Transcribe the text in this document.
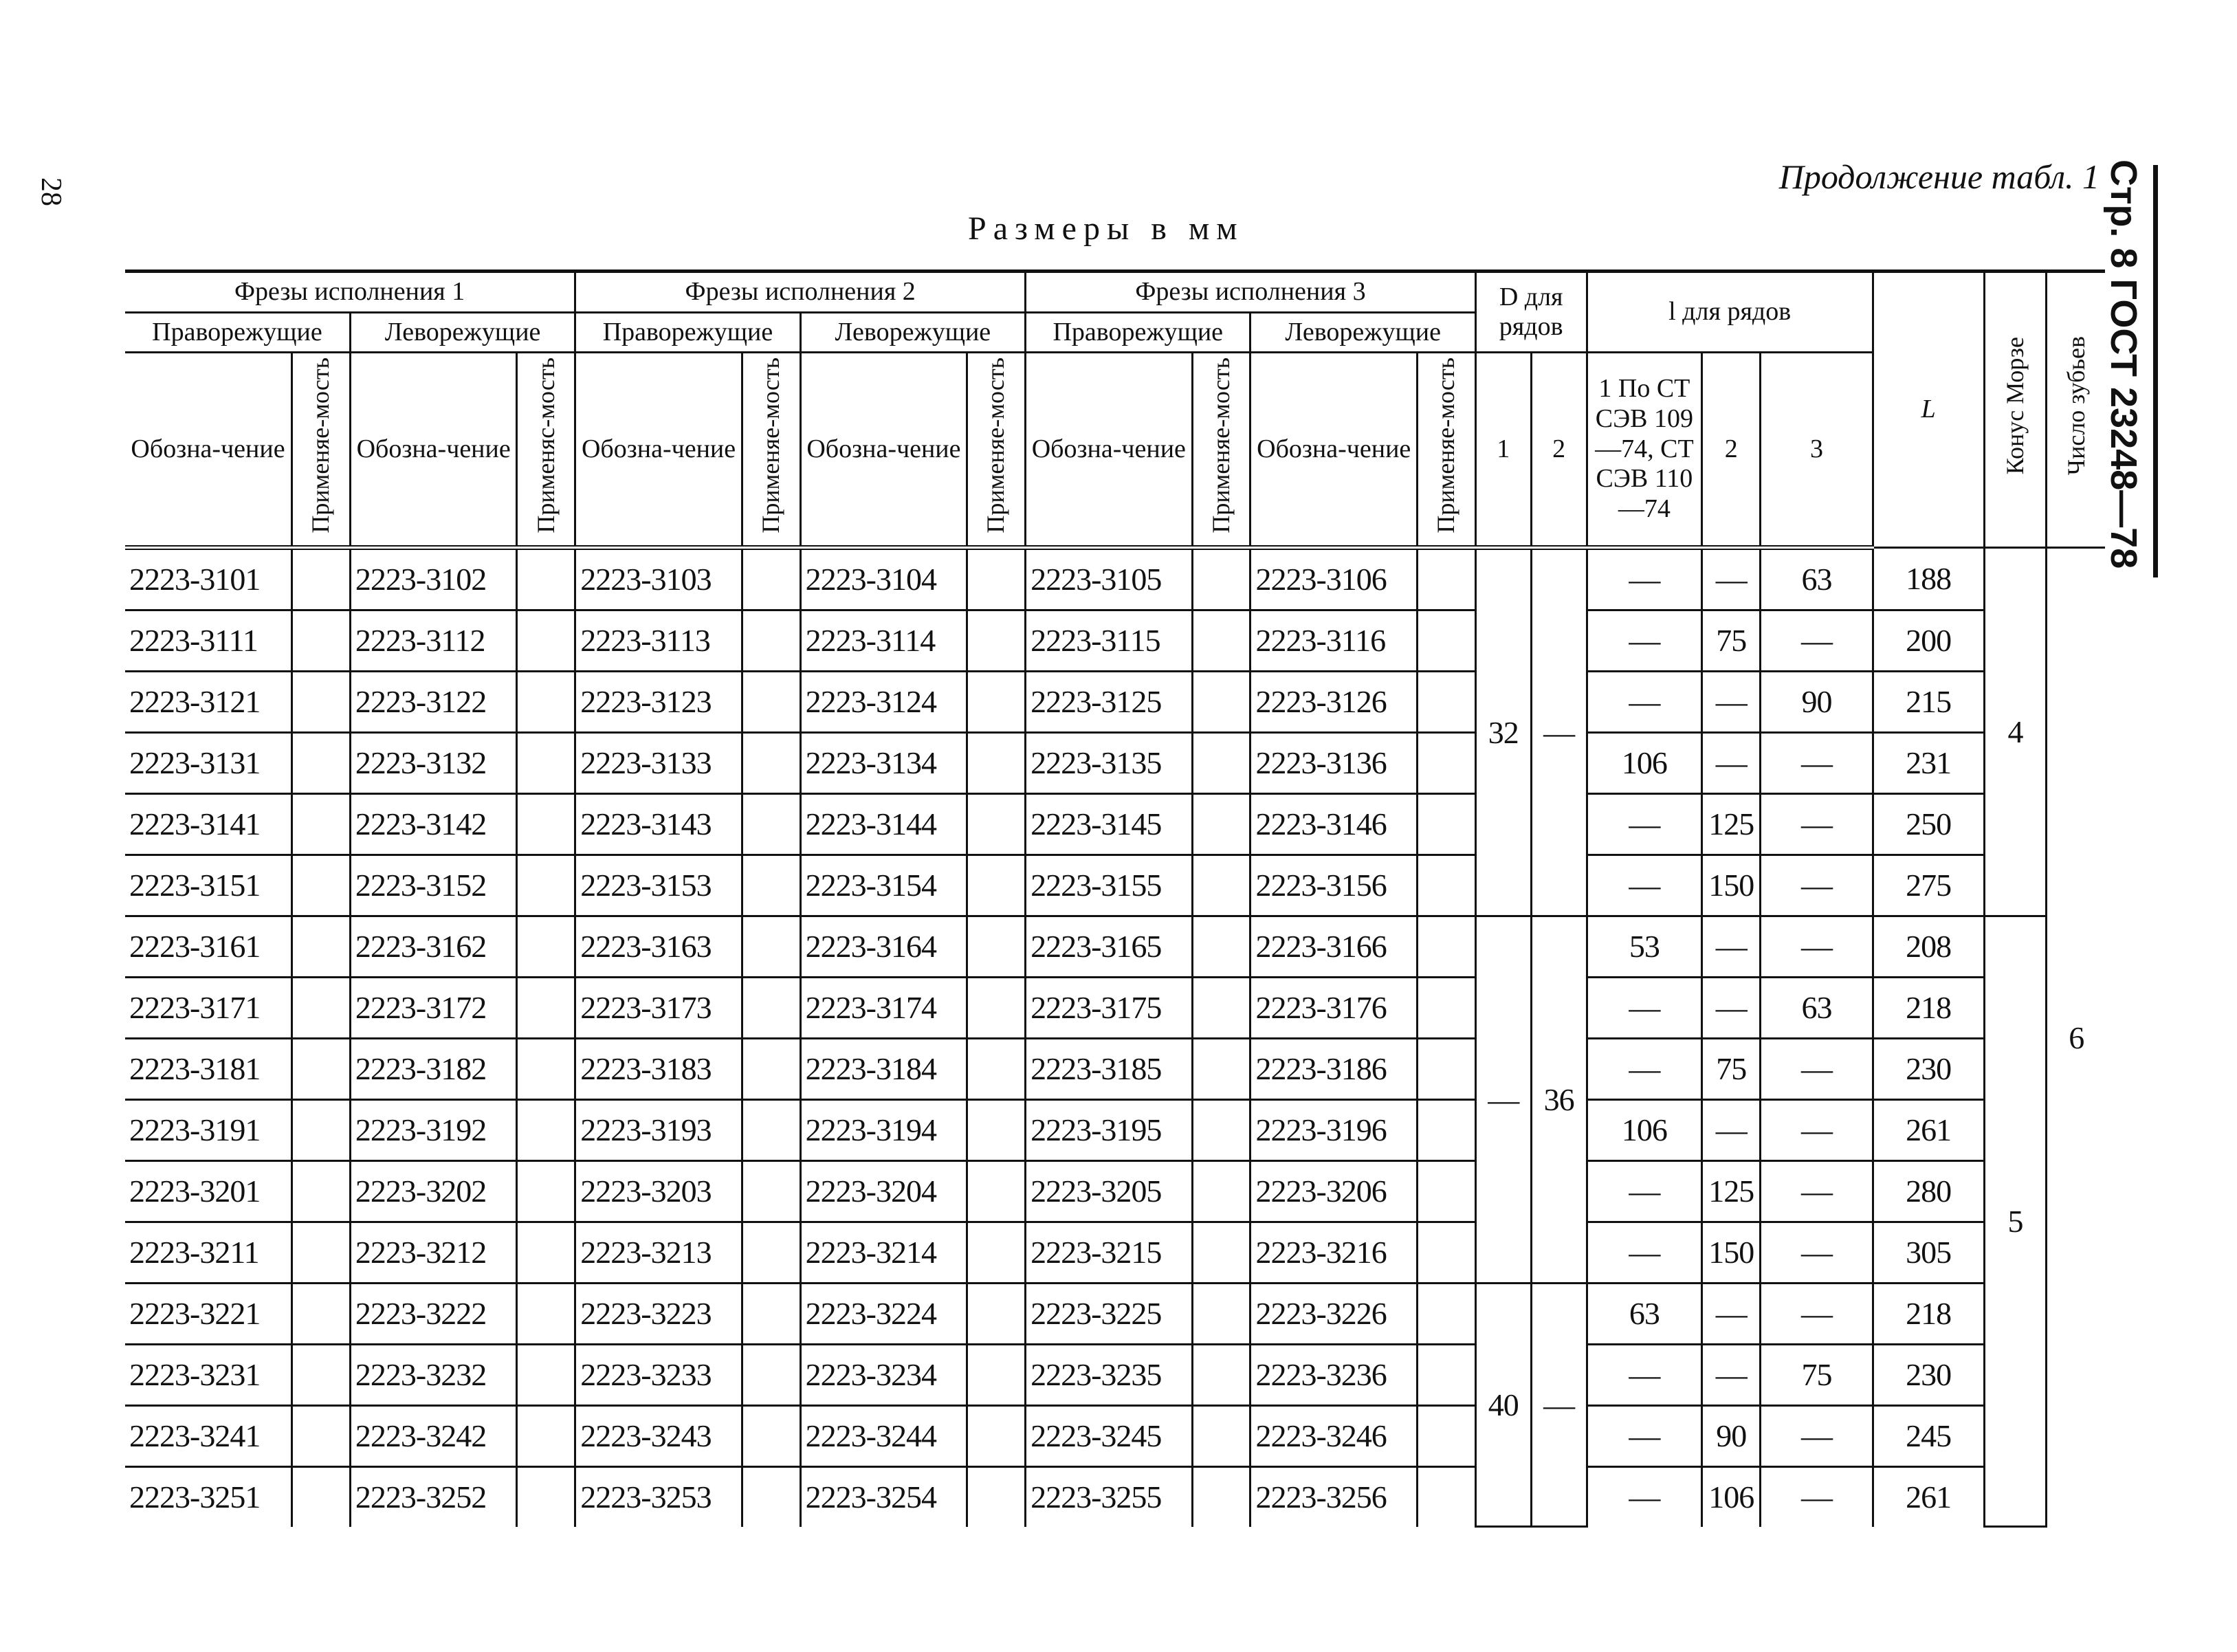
28	Стр. 8 ГОСТ 23248—78
Продолжение табл. 1
Размеры в мм
Фрезы исполнения 1				Фрезы исполнения 2				Фрезы исполнения 3				D для рядов		l для рядов			L	Конус Морзе	Число зубьев
Праворежущие		Леворежущие		Праворежущие		Леворежущие		Праворежущие		Леворежущие									
Обозна-чение	Применяе-мость	Обозна-чение	Применяс-мость	Обозна-чение	Применяе-мость	Обозна-чение	Применяе-мость	Обозна-чение	Применяе-мость	Обозна-чение	Применяе-мость	1	2	1 По СТ СЭВ 109—74, СТ СЭВ 110—74	2	3			
2223-3101		2223-3102		2223-3103		2223-3104		2223-3105		2223-3106		32	—	—	—	63	188	4	6
2223-3111		2223-3112		2223-3113		2223-3114		2223-3115		2223-3116				—	75	—	200		
2223-3121		2223-3122		2223-3123		2223-3124		2223-3125		2223-3126				—	—	90	215		
2223-3131		2223-3132		2223-3133		2223-3134		2223-3135		2223-3136				106	—	—	231		
2223-3141		2223-3142		2223-3143		2223-3144		2223-3145		2223-3146				—	125	—	250		
2223-3151		2223-3152		2223-3153		2223-3154		2223-3155		2223-3156				—	150	—	275		
2223-3161		2223-3162		2223-3163		2223-3164		2223-3165		2223-3166		—	36	53	—	—	208	5	
2223-3171		2223-3172		2223-3173		2223-3174		2223-3175		2223-3176				—	—	63	218		
2223-3181		2223-3182		2223-3183		2223-3184		2223-3185		2223-3186				—	75	—	230		
2223-3191		2223-3192		2223-3193		2223-3194		2223-3195		2223-3196				106	—	—	261		
2223-3201		2223-3202		2223-3203		2223-3204		2223-3205		2223-3206				—	125	—	280		
2223-3211		2223-3212		2223-3213		2223-3214		2223-3215		2223-3216				—	150	—	305		
2223-3221		2223-3222		2223-3223		2223-3224		2223-3225		2223-3226		40	—	63	—	—	218		
2223-3231		2223-3232		2223-3233		2223-3234		2223-3235		2223-3236				—	—	75	230		
2223-3241		2223-3242		2223-3243		2223-3244		2223-3245		2223-3246				—	90	—	245		
2223-3251		2223-3252		2223-3253		2223-3254		2223-3255		2223-3256				—	106	—	261		
